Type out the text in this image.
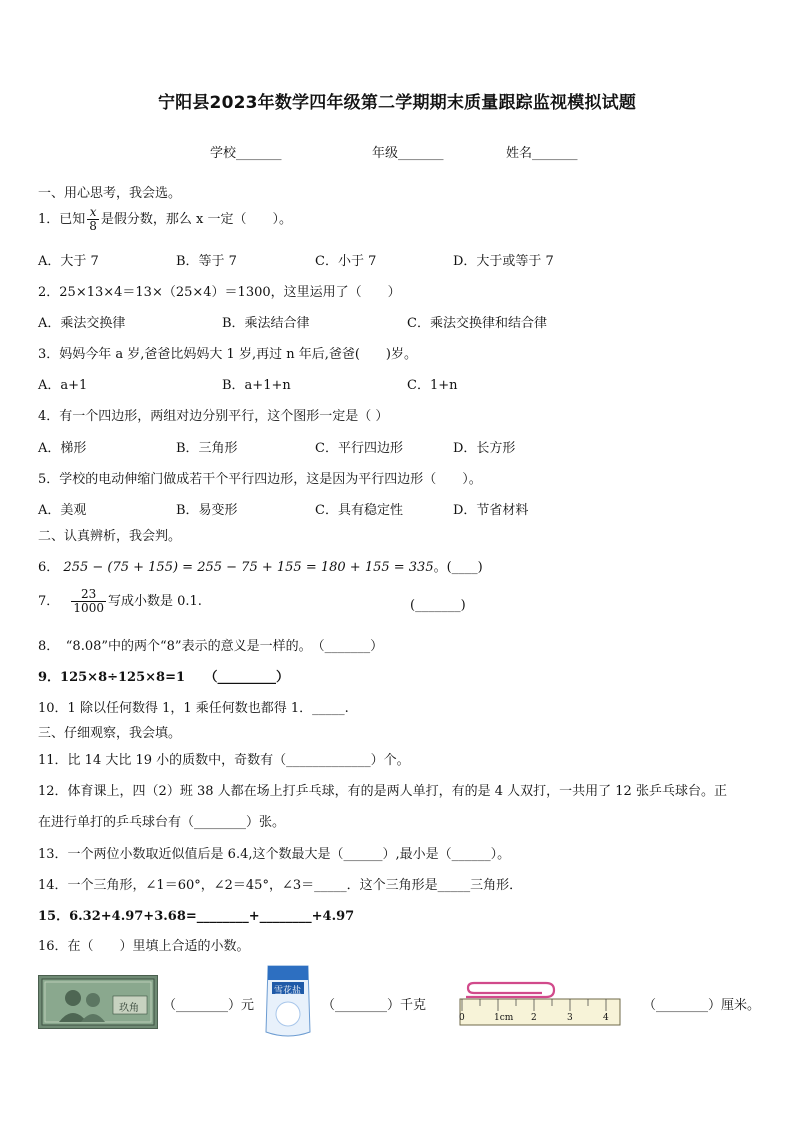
宁阳县2023年数学四年级第二学期期末质量跟踪监视模拟试题
学校_______	年级_______	姓名_______
一、用心思考，我会选。
1．已知 $\frac{x}{8}$ 是假分数，那么 x 一定（　　）。
A．大于 7	B．等于 7	C．小于 7	D．大于或等于 7
2．25×13×4＝13×（25×4）＝1300，这里运用了（　　）
A．乘法交换律	B．乘法结合律	C．乘法交换律和结合律
3．妈妈今年 a 岁,爸爸比妈妈大 1 岁,再过 n 年后,爸爸(　　)岁。
A．a+1	B．a+1+n	C．1+n
4．有一个四边形，两组对边分别平行，这个图形一定是（ ）
A．梯形	B．三角形	C．平行四边形	D．长方形
5．学校的电动伸缩门做成若干个平行四边形，这是因为平行四边形（　　）。
A．美观	B．易变形	C．具有稳定性	D．节省材料
二、认真辨析，我会判。
6． 255 − (75 + 155) = 255 − 75 + 155 = 180 + 155 = 335。(____)
7． $\frac{23}{1000}$ 写成小数是 0.1.	(_______)
8．　“8.08”中的两个“8”表示的意义是一样的。　（_______）
9．125×8÷125×8=1　　（_________）
10．1 除以任何数得 1，1 乘任何数也都得 1．_____.
三、仔细观察，我会填。
11．比 14 大比 19 小的质数中，奇数有（_____________）个。
12．体育课上，四（2）班 38 人都在场上打乒乓球，有的是两人单打，有的是 4 人双打，一共用了 12 张乒乓球台。正
在进行单打的乒乓球台有（________）张。
13．一个两位小数取近似值后是 6.4,这个数最大是（______）,最小是（______）。
14．一个三角形，∠1＝60°，∠2＝45°，∠3＝_____．这个三角形是_____三角形．
15．6.32+4.97+3.68=________+________+4.97
16．在（　　）里填上合适的小数。
玖角 （________）元
雪花盐
（________）千克
0	1cm 2	3	4
（________）厘米。
